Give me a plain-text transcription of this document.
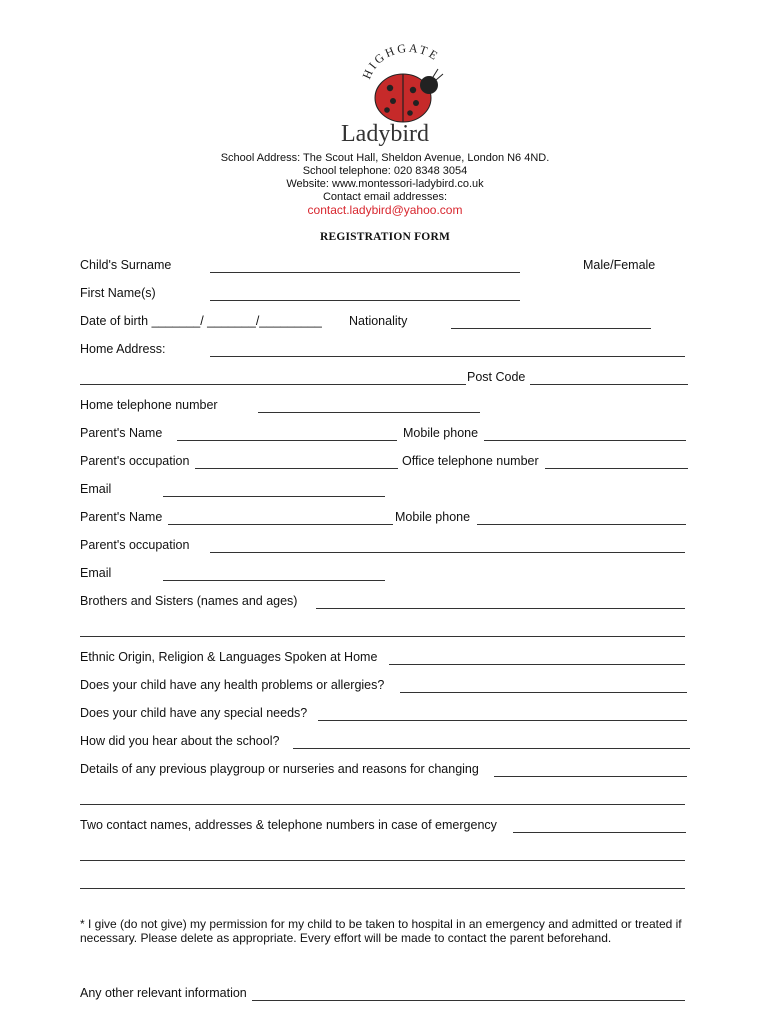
HIGHGATE
Ladybird
School Address: The Scout Hall, Sheldon Avenue, London N6 4ND.
School telephone: 020 8348 3054
Website: www.montessori-ladybird.co.uk
Contact email addresses:
contact.ladybird@yahoo.com
REGISTRATION FORM
Child's Surname	Male/Female
First Name(s)
Date of birth _______/ _______/_________ Nationality
Home Address:
Post Code
Home telephone number
Parent's Name	Mobile phone
Parent's occupation	Office telephone number
Email
Parent's Name	Mobile phone
Parent's occupation
Email
Brothers and Sisters (names and ages)
Ethnic Origin, Religion & Languages Spoken at Home
Does your child have any health problems or allergies?
Does your child have any special needs?
How did you hear about the school?
Details of any previous playgroup or nurseries and reasons for changing
Two contact names, addresses & telephone numbers in case of emergency
* I give (do not give) my permission for my child to be taken to hospital in an emergency and admitted or treated if necessary. Please delete as appropriate. Every effort will be made to contact the parent beforehand.
Any other relevant information
